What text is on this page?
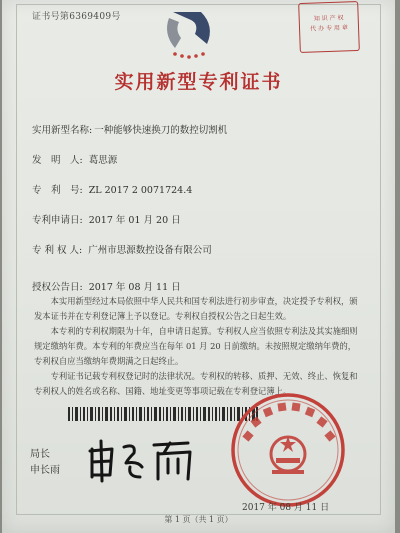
证书号第6369409号	知 识 产 权
代 办 专 用 章
实用新型专利证书
实用新型名称: 一种能够快速换刀的数控切割机
发　明　人: 葛思源
专　利　号: ZL 2017 2 0071724.4
专利申请日: 2017 年 01 月 20 日
专 利 权 人: 广州市思源数控设备有限公司
授权公告日: 2017 年 08 月 11 日

本实用新型经过本局依照中华人民共和国专利法进行初步审查，决定授予专利权，颁发本证书并在专利登记簿上予以登记。专利权自授权公告之日起生效。

本专利的专利权期限为十年，自申请日起算。专利权人应当依照专利法及其实施细则规定缴纳年费。本专利的年费应当在每年 01 月 20 日前缴纳。未按照规定缴纳年费的，专利权自应当缴纳年费期满之日起终止。

专利证书记载专利权登记时的法律状况。专利权的转移、质押、无效、终止、恢复和专利权人的姓名或名称、国籍、地址变更等事项记载在专利登记簿上。

局长
申长雨
2017 年 08 月 11 日
第 1 页（共 1 页）
